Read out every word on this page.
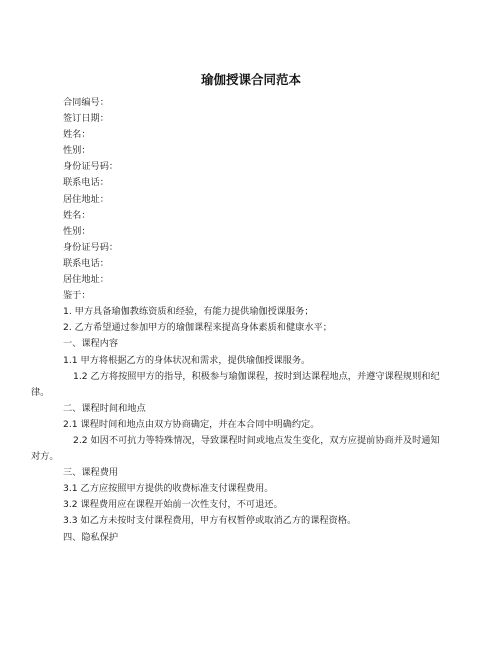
瑜伽授课合同范本
合同编号：
签订日期：
姓名：
性别：
身份证号码：
联系电话：
居住地址：
姓名：
性别：
身份证号码：
联系电话：
居住地址：
鉴于：
1. 甲方具备瑜伽教练资质和经验，有能力提供瑜伽授课服务；
2. 乙方希望通过参加甲方的瑜伽课程来提高身体素质和健康水平；
一、课程内容
1.1 甲方将根据乙方的身体状况和需求，提供瑜伽授课服务。
1.2 乙方将按照甲方的指导，积极参与瑜伽课程，按时到达课程地点，并遵守课程规则和纪律。
二、课程时间和地点
2.1 课程时间和地点由双方协商确定，并在本合同中明确约定。
2.2 如因不可抗力等特殊情况，导致课程时间或地点发生变化，双方应提前协商并及时通知对方。
三、课程费用
3.1 乙方应按照甲方提供的收费标准支付课程费用。
3.2 课程费用应在课程开始前一次性支付，不可退还。
3.3 如乙方未按时支付课程费用，甲方有权暂停或取消乙方的课程资格。
四、隐私保护
